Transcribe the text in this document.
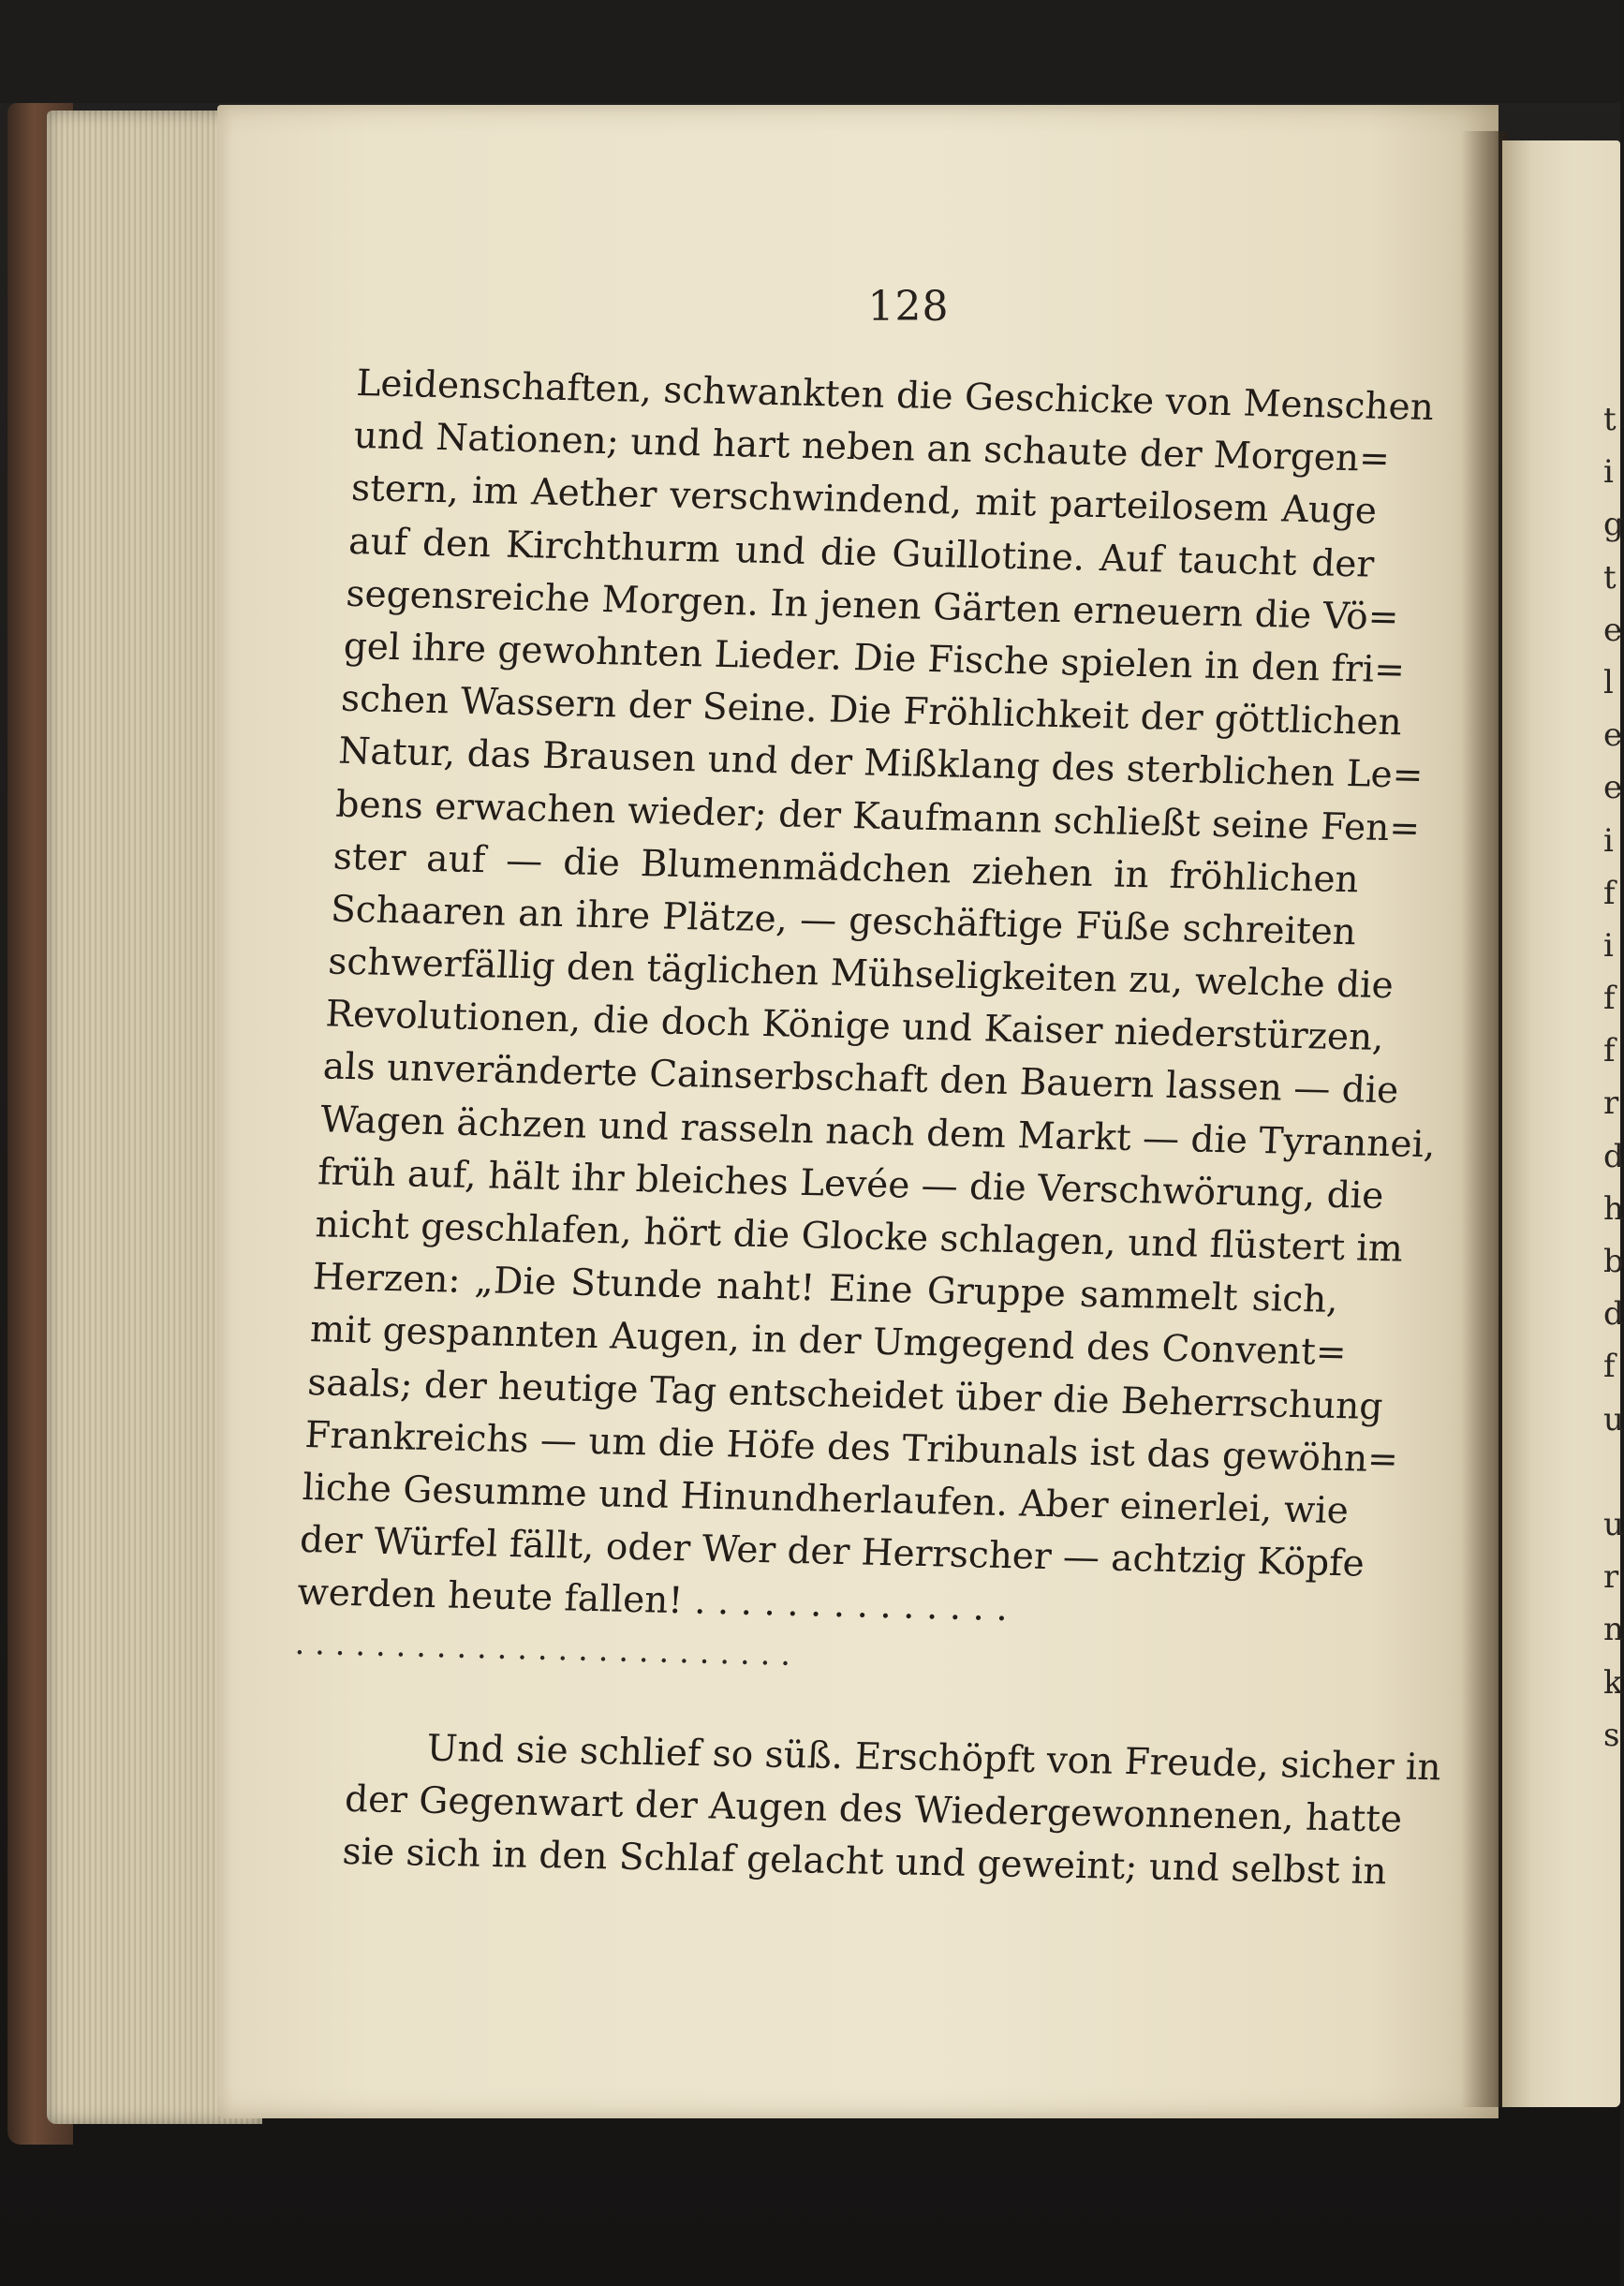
t
i
g
t
e
l
e
e
i
f
i
f
f
r
d
h
b
d
f
u
u
r
n
k
s
128
Leidenschaften, schwankten die Geschicke von Menschen
und Nationen; und hart neben an schaute der Morgen=
stern, im Aether verschwindend, mit parteilosem Auge
auf den Kirchthurm und die Guillotine. Auf taucht der
segensreiche Morgen. In jenen Gärten erneuern die Vö=
gel ihre gewohnten Lieder. Die Fische spielen in den fri=
schen Wassern der Seine. Die Fröhlichkeit der göttlichen
Natur, das Brausen und der Mißklang des sterblichen Le=
bens erwachen wieder; der Kaufmann schließt seine Fen=
ster auf — die Blumenmädchen ziehen in fröhlichen
Schaaren an ihre Plätze, — geschäftige Füße schreiten
schwerfällig den täglichen Mühseligkeiten zu, welche die
Revolutionen, die doch Könige und Kaiser niederstürzen,
als unveränderte Cainserbschaft den Bauern lassen — die
Wagen ächzen und rasseln nach dem Markt — die Tyrannei,
früh auf, hält ihr bleiches Levée — die Verschwörung, die
nicht geschlafen, hört die Glocke schlagen, und flüstert im
Herzen: „Die Stunde naht! Eine Gruppe sammelt sich,
mit gespannten Augen, in der Umgegend des Convent=
saals; der heutige Tag entscheidet über die Beherrschung
Frankreichs — um die Höfe des Tribunals ist das gewöhn=
liche Gesumme und Hinundherlaufen. Aber einerlei, wie
der Würfel fällt, oder Wer der Herrscher — achtzig Köpfe
werden heute fallen! . . . . . . . . . . . . . .
. . . . . . . . . . . . . . . . . . . . . . . . .
Und sie schlief so süß. Erschöpft von Freude, sicher in
der Gegenwart der Augen des Wiedergewonnenen, hatte
sie sich in den Schlaf gelacht und geweint; und selbst in
